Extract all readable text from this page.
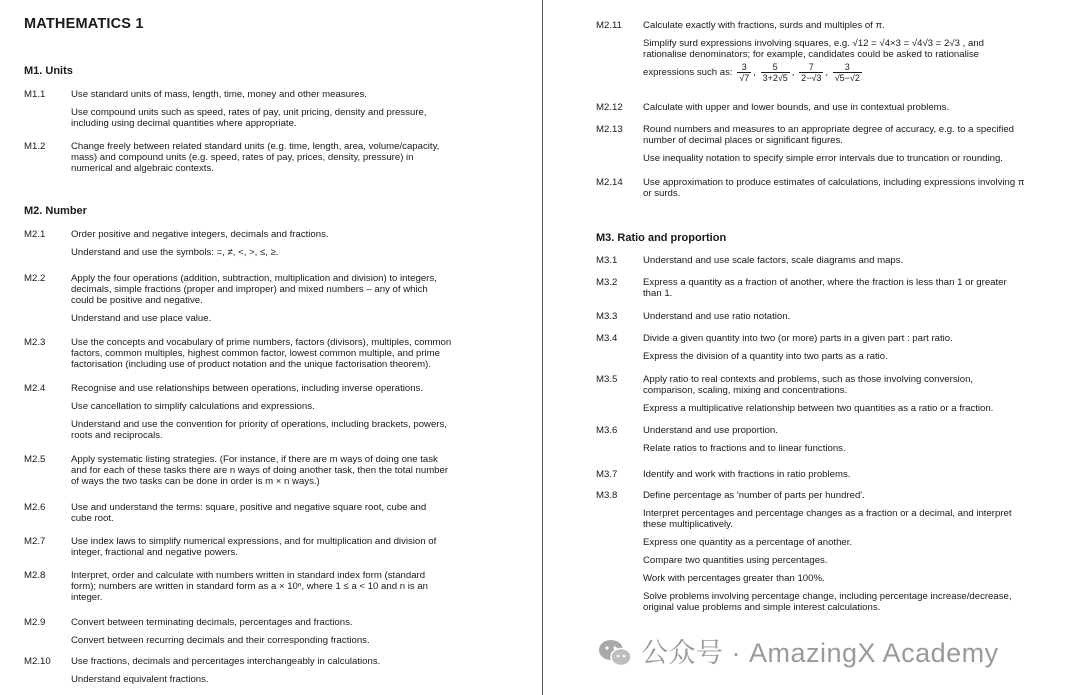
MATHEMATICS 1
M1. Units
M1.1	Use standard units of mass, length, time, money and other measures.

Use compound units such as speed, rates of pay, unit pricing, density and pressure,

including using decimal quantities where appropriate.

M1.2	Change freely between related standard units (e.g. time, length, area, volume/capacity,

mass) and compound units (e.g. speed, rates of pay, prices, density, pressure) in

numerical and algebraic contexts.

M2. Number
M2.1	Order positive and negative integers, decimals and fractions.

Understand and use the symbols: =, ≠, <, >, ≤, ≥.

M2.2	Apply the four operations (addition, subtraction, multiplication and division) to integers,

decimals, simple fractions (proper and improper) and mixed numbers – any of which

could be positive and negative.

Understand and use place value.

M2.3	Use the concepts and vocabulary of prime numbers, factors (divisors), multiples, common

factors, common multiples, highest common factor, lowest common multiple, and prime

factorisation (including use of product notation and the unique factorisation theorem).

M2.4	Recognise and use relationships between operations, including inverse operations.

Use cancellation to simplify calculations and expressions.

Understand and use the convention for priority of operations, including brackets, powers,

roots and reciprocals.

M2.5	Apply systematic listing strategies. (For instance, if there are m ways of doing one task

and for each of these tasks there are n ways of doing another task, then the total number

of ways the two tasks can be done in order is m × n ways.)

M2.6	Use and understand the terms: square, positive and negative square root, cube and

cube root.

M2.7	Use index laws to simplify numerical expressions, and for multiplication and division of

integer, fractional and negative powers.

M2.8	Interpret, order and calculate with numbers written in standard index form (standard

form); numbers are written in standard form as a × 10ⁿ, where 1 ≤ a < 10 and n is an

integer.

M2.9	Convert between terminating decimals, percentages and fractions.

Convert between recurring decimals and their corresponding fractions.

M2.10 Use fractions, decimals and percentages interchangeably in calculations.

Understand equivalent fractions.

M2.11 Calculate exactly with fractions, surds and multiples of π.

Simplify surd expressions involving squares, e.g. √12 = √4×3 = √4√3 = 2√3 , and

rationalise denominators; for example, candidates could be asked to rationalise

expressions such as: $\frac{3}{√7}$ , $\frac{5}{3+2√5}$ , $\frac{7}{2-√3}$ , $\frac{3}{√5-√2}$

M2.12 Calculate with upper and lower bounds, and use in contextual problems.

M2.13 Round numbers and measures to an appropriate degree of accuracy, e.g. to a specified

number of decimal places or significant figures.

Use inequality notation to specify simple error intervals due to truncation or rounding.

M2.14 Use approximation to produce estimates of calculations, including expressions involving π

or surds.

M3. Ratio and proportion
M3.1	Understand and use scale factors, scale diagrams and maps.

M3.2	Express a quantity as a fraction of another, where the fraction is less than 1 or greater

than 1.

M3.3	Understand and use ratio notation.

M3.4	Divide a given quantity into two (or more) parts in a given part : part ratio.

Express the division of a quantity into two parts as a ratio.

M3.5	Apply ratio to real contexts and problems, such as those involving conversion,

comparison, scaling, mixing and concentrations.

Express a multiplicative relationship between two quantities as a ratio or a fraction.

M3.6	Understand and use proportion.

Relate ratios to fractions and to linear functions.

M3.7	Identify and work with fractions in ratio problems.

M3.8	Define percentage as 'number of parts per hundred'.

Interpret percentages and percentage changes as a fraction or a decimal, and interpret

these multiplicatively.

Express one quantity as a percentage of another.

Compare two quantities using percentages.

Work with percentages greater than 100%.

Solve problems involving percentage change, including percentage increase/decrease,

original value problems and simple interest calculations.

公众号 · AmazingX Academy
